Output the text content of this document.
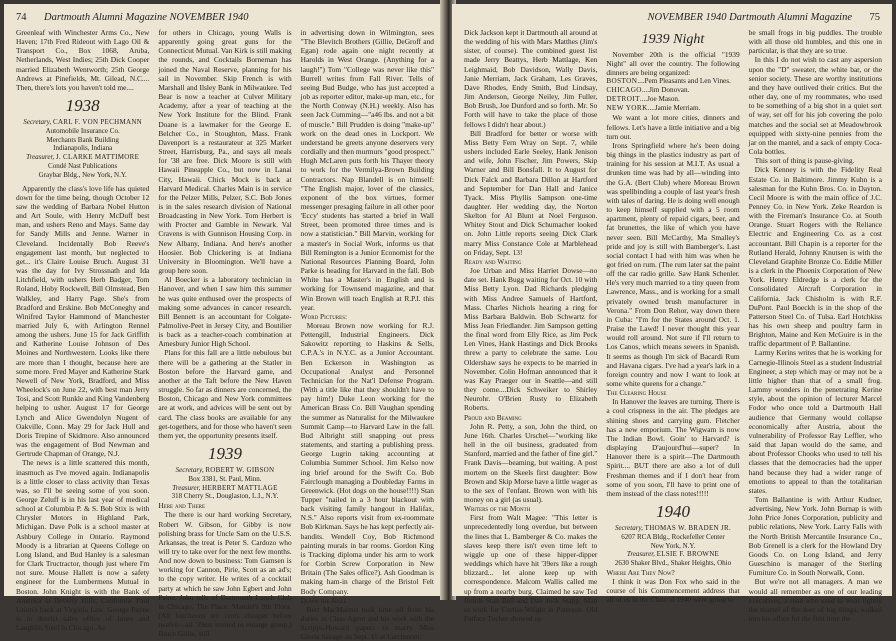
74 Dartmouth Alumni Magazine NOVEMBER 1940

Greenleaf with Winchester Arms Co., New Haven; 17th Fred Rideout with Lago Oil & Transport Co., Box 1068, Aruba, Netherlands, West Indies; 25th Dick Cooper married Elizabeth Wentworth; 25th George Andrews at Pinefields, Mt. Gilead, N.C.... Then, there's lots you haven't told me....

1938
Secretary, CARL F. VON PECHMANN
Automobile Insurance Co.
Merchants Bank Building
Indianapolis, Indiana
Treasurer, J. CLARKE MATTIMORE
Condé Nast Publications
Graybar Bldg., New York, N.Y.

Apparently the class's love life has quieted down for the time being, though October 12 saw the wedding of Barbara Nobel Hutton and Art Soule, with Henry McDuff best man, and ushers Reno and Mays. Same day for Sandy Mills and Jenne. Warner in Cleveland. Incidentally Bob Reeve's engagement last month, but neglected to get... it's Claire Louise Bruch. August 31 was the day for Ivy Strossnath and Ida Litchfield, with ushers Herb Badger, Tom Roland, Hoby Rockwell, Bill Olmstead, Ben Walkley, and Harry Page. She's from Bradford and Erskine. Bob McConeghy and Winifred Taylor Hammond of Manchester married July 6, with Arlington Rennel among the ushers. June 15 for Jack Griffith and Katherine Louise Johnson of Des Moines and Northwestern. Looks like there are more than I thought, because here are some more. Fred Mayer and Katherine Stark Newell of New York, Bradford, and Miss Wheelock's on June 22, with best man Jerry Tosi, and Scott Runkle and King Vandenberg helping to usher. August 17 for George Lynch and Alice Gwendolyn Nugent of Oakville, Conn. May 29 for Jack Hull and Doris Trepine of Skidmore. Also announced was the engagement of Bud Newman and Gertrude Chapman of Orange, N.J.

The news is a little scattered this month, inasmuch as I've moved again. Indianapolis is a little closer to class activity than Texas was, so I'll be seeing some of you soon. George Zeluff is in his last year of medical school at Columbia P. & S. Bob Stix is with Chrysler Motors in Highland Park, Michigan. Dave Polk is a school master at Ashbury College in Ontario. Raymond Moody is a librarian at Queens College on Long Island, and Bud Hanley is a salesman for Clark Tructractor, though just where I'm not sure. Mouse Hallett is now a safety engineer for the Lumbermens Mutual in Boston. John Knight is with the Bank of America in Beverly Hills, California. Paul Urion's back at Virginia Law. George Payne is in district sales office of Jones and Laughlin Steel in Chicago. As

for others in Chicago, young Walls is apparently going great guns for the Connecticut Mutual. Van Kirk is still making the rounds, and Cocktails Borneman has joined the Naval Reserve, planning for his sail in November. Skip French is with Marshall and Ilsley Bank in Milwaukee. Ted Bear is now a teacher at Culver Military Academy, after a year of teaching at the New York Institute for the Blind. Frank Doane is a lawmaker for the George E. Belcher Co., in Stoughton, Mass. Frank Davenport is a restaurateur at 325 Market Street, Harrisburg, Pa., and says all meals for '38 are free. Dick Moore is still with Hawaii Pineapple Co., but now in Lanai City, Hawaii. Chick Mock is back at Harvard Medical. Charles Main is in service for the Pelzer Mills, Pelzer, S.C. Bob Jones is in the sales research division of National Broadcasting in New York. Tom Herbert is with Procter and Gamble in Newark. Val Cravens is with Gunnison Housing Corp. in New Albany, Indiana. And here's another Hoosier. Bob Chickering is at Indiana University in Bloomington. We'll have a group here soon.

Al Boecker is a laboratory technician in Hanover, and when I saw him this summer he was quite enthused over the prospects of making some advances in cancer research. Bill Bennett is an accountant for Colgate-Palmolive-Peet in Jersey City, and Boutilier is back as a teacher-coach combination at Amesbury Junior High School.

Plans for this fall are a little nebulous but there will be a gathering at the Statler in Boston before the Harvard game, and another at the Taft before the New Haven struggle. So far as dinners are concerned, the Boston, Chicago and New York committees are at work, and advices will be sent out by card. The class books are available for any get-togethers, and for those who haven't seen them yet, the opportunity presents itself.

1939
Secretary, ROBERT W. GIBSON
Box 3381, St. Paul, Minn.
Treasurer, HERBERT MATTLAGE
318 Cherry St., Douglaston, L.I., N.Y.

Here and There

The there is our hard working Secretary, Robert W. Gibson, for Gibby is now polishing brass for Uncle Sam on the U.S.S. Arkansas, the treat is Peter S. Cardozo who will try to take over for the next few months. And now down to business: Tom Gamsen is working for Cannon, Pirie, Scott as an ad's; to the copy writer. He writes of a cocktail party at which he saw John Egbert and John Paine. John tells of Dartmouth Lunch Club in Chicago, The Place: Mandel's 9th Floor. (All luncheons ten cents cheaper before twelve—all '39ers invited to enlarge group.) Bruce Gillie, still

in advertising down in Wilmington, sees "The Blevitch Brothers (Gillie, DeGroff and Egan) rode again one night recently at Harolds in West Orange. (Anything for a laugh!") Tom "College was never like this" Burrell writes from Fall River. Tells of seeing Bud Budge, who has just accepted a job as reporter editor, make-up man, etc., for the North Conway (N.H.) weekly. Also has seen Jack Cumming—"a46 lbs. and not a bit of muscle." Bill Prudden is doing "make-up" work on the dead ones in Lockport. We understand he greets anyone deservers very cordially and then murmurs "good prospect." Hugh McLaren puts forth his Thayer theory to work for the Vermilya-Brown Building Contractors. Nap Blandell is on himself: "The English major, lover of the classics, exponent of the box virtues, former messenger presaging failure in all other poor 'Eccy' students has started a brief in Wall Street, been promoted three times and is now a statistician." Bill Marvin, working for a master's in Social Work, informs us that Bill Remington is a Junior Economist for the National Resources Planning Board, John Parke is heading for Harvard in the fall. Bob White has a Master's in English and is working for Townsend magazine, and that Win Brown will teach English at R.P.I. this year.

Word Pictures:

Moreau Brown now working for R.J. Pettengill, Industrial Engineers. Dick Sakowitz reporting to Haskins & Sells, C.P.A.'s in N.Y.C. as a Junior Accountant. Ben Eckerson in Washington as Occupational Analyst and Personnel Technician for the Nat'l Defense Program. (With a title like that they shouldn't have to pay him!) Duke Leon working for the American Brass Co. Bill Vaughan spending the summer as Naturalist for the Milwaukee Summit Camp—to Harvard Law in the fall. Bud Albright still snapping out press statements, and starting a publishing press. George Lugrin taking accounting at Columbia Summer School. Jim Kelso now ing brief around for the Swift Co. Bob Fairclough managing a Doubleday Farms in Greenwick. (Hot dogs on the house!!!!) Stan Tupper "nailed in a 3 hour blackout with back visiting family hangout in Halifax, N.S." Also reports visit from ex-roommate Bob Kirkman. Says he has kept perfectly air-bandits. Wendell Coy, Bob Richmond painting murals in bar rooms. Gordon King is Tracking diploma under his arm to work for Corbin Screw Corporation in New Britain (The Sales office?). Ash Goodman is making ham-in charge of the Bristol Felt Body Company.

Down the Aisle

Bert MacMannis took time off from his duties as Class Agent and his work with the Scripps-Howard papers to marry Miss Gloria Savage on Sept. 15 at Larchmont.

NOVEMBER 1940 Dartmouth Alumni Magazine 75

Dick Jackson kept it Dartmouth all around at the wedding of his with Mars Matthes (Jim's sister, of course). The combined guest list made Jerry Beattys, Herb Mattlage, Ken Leighmaid, Bob Davidson, Wally Davis, Janie Merriam, Jack Graham, Les Graves, Dave Rhodes, Endy Smith, Bud Lindsay, Jim Anderson, George Neiley, Jim Fuller, Bob Brush, Joe Dunford and so forth. Mr. So Forth will have to take the place of those fellows I didn't hear about.)

Bill Bradford for better or worse with Miss Betty Fern Wray on Sept. 7, while ushers included Earle Seeley, Hank Jenison and wife, John Fischer, Jim Powers, Skip Warner and Bill Bonsfall. It to August for Dick Falck and Barbara Dillon at Hartford and September for Dan Hall and Janice Tyack. Miss Phyllis Sampson one-time daughter. Her wedding day, the Norton Skelton for Al Blunt at Noel Ferguson. Whitey Stout and Dick Schumacher looked on. John Little reports seeing Dick Clark marry Miss Constance Cole at Marblehead on Friday, Sept. 13!

Ready and Waiting

Joe Urban and Miss Harriet Dowse—no date set. Hank Bugg waiting for Oct. 10 with Miss Betty Lyon. Dad Richards pledging with Miss Andree Samuels of Hartford, Mass. Charles Nichols hearing a ring for Miss Barbara Baldwin. Bob Schwartz for Miss Jean Friedlander. Jim Sampson getting the final word from Elly Rice, as Jim Peck Len Vines, Hank Hastings and Dick Brooks threw a party to celebrate the same. Lou Oldershaw says he expects to be married in November. Colin Hofman announced that it was Kay Praeger our in Seattle—and still they come....Dick Schweiker to Shirley Neurohr. O'Brien Rusty to Elizabeth Roberts.

Proud and Beaming

John R. Petty, a son, John the third, on June 16th. Charles Urschel—"working like hell in the oil business, graduated from Stanford, married and the father of fine girl." Frank Davis—beaming, but waiting. A post mortem on the Skeels first daughter: Bow Brown and Skip Morse have a little wager as to the sex of l'enfant. Brown won with his money on a girl (as usual).

Writers of the Month

First from Walt Magee: "This letter is unprecedentedly long overdue, but between the lines that L. Bamberger & Co. makes the slaves keep there isn't even time left to wiggle up one of these hipper-dipper weddings which have hit '39ers like a rough blizzard... let alone keep up with correspondence. Malcom Wallis called me up from a nearby burg. Claimed he saw Ted Bonds Stan Bell and Dan Jock Stapp. Man to work for Curtiss-Wright in Paterson. Old Fatface Tucker showed up

1939 Night

November 20th is the official "1939 Night" all over the country. The following dinners are being organized:

BOSTON....Pem Pleasants and Len Vines.

CHICAGO....Jim Donovan.

DETROIT....Joe Mason.

NEW YORK....Jamie Merriam.

We want a lot more cities, dinners and fellows. Let's have a little initiative and a big turn out.

Irons Springfield where he's been doing big things in the plastics industry as part of training for his session at M.I.T. As usual a drunken time was had by all—winding into the G.A. (Bert Club) where Moreau Brown was spellbinding a couple of last year's fresh with tales of daring. He is doing well enough to keep himself supplied with a 5 room apartment, plenty of repaid cigars, beer, and fat brunettes, the like of which you have never seen. Bill McCarthy, Ma Smalley's pride and joy is still with Bamberger's. Last social contact I had with him was when he got fried on rum. (The rum later sat the paint off the car radio grille. Saw Hank Schenler. He's very much married to a tiny queen from Lawrence, Mass., and is working for a small privately owned brush manufacturer in Verona." From Don Rehor, way down there in Cuba: "I'm for the States around Oct. 1. Praise the Lawd! I never thought this year would roll around. Not sure if I'll return to Los Canos, which means sewers in Spanish. It seems as though I'm sick of Bacardi Rum and Havana cigars. I've had a year's lark in a foreign country and now I want to look at some white queens for a change."

The Clearing House

In Hanover the leaves are turning. There is a cool crispness in the air. The pledges are shining shoes and carrying gum. Fletcher has a new emporium. The Wigwam is now The Indian Bowl. Goin' to Harvard? is displaying D'aujourd'hui—super? In Hanover there is a spirit—The Dartmouth Spirit.... BUT there are also a lot of dull Freshman themes and if I don't hear from some of you soon, I'll have to print one of them instead of the class notes!!!!!

1940
Secretary, THOMAS W. BRADEN JR.
6207 RCA Bldg., Rockefeller Center
New York, N.Y.
Treasurer, ELSIE F. BROWNE
2630 Shaker Blvd., Shaker Heights, Ohio

Where Are They Now?

I think it was Don Fox who said in the course of his Commencement address that all of us in the Class of 1940 were going to

be small frogs in big puddles. The trouble with all those old humbles, and this one in particular, is that they are so true.

In this I do not wish to cast any aspersion upon the "D" sweater, the white bar, or the senior society. These are worthy institutions and they have outlived their critics. But the other day, one of my roommates, who used to be something of a big shot in a quiet sort of way, set off for his job covering the polo matches and the social set at Meadowbrook equipped with sixty-nine pennies from the jar on the mantel, and a sack of empty Coca-Cola bottles.

This sort of thing is pause-giving.

Dick Kenney is with the Fidelity Real Estate Co. in Baltimore. Jimmy Kuhn is a salesman for the Kuhn Bros. Co. in Dayton. Cecil Moore is with the main office of J.C. Penney Co. in New York. Zeke Reardon is with the Fireman's Insurance Co. at South Orange. Stuart Rogers with the Reliance Electric and Engineering Co. as a cost accountant. Bill Chapin is a reporter for the Rutland Herald, Johnny Knutsen is with the Cleveland Graphite Bronze Co. Eddie Miller is a clerk in the Phoenix Corporation of New York. Henry Eldredge is a clerk for the Consolidated Aircraft Corporation in California. Jack Chisholm is with R.F. DuPont. Paul Boeckh is in the shop of the Patterson Steel Co. of Tulsa. Earl Hotchkiss has his own sheep and poultry farm in Brighton, Maine and Ken McGuire is in the traffic department of P. Ballantine.

Larmy Kerins writes that he is working for Carnegie-Illinois Steel as a student Industrial Engineer, a step which may or may not be a little higher than that of a small frog. Lammy wonders in the penetrating Kerine style, about the opinion of lecturer Marcel Fodor who once told a Dartmouth Hall audience that Germany would collapse economically after Austria, about the vulnerability of Professor Ray Leffler, who said that Japan would do the same, and about Professor Chooks who used to tell his classes that the democracies had the upper hand because they had a wider range of emotions to appeal to than the totalitarian states.

Tom Ballantine is with Arthur Kudner, advertising, New York. John Burnap is with John Price Jones Corporation, publicity and public relations, New York. Larry Falls with the North British Mercantile Insurance Co., Bob Grenell is a clerk for the Howland Dry Goods Co. on Long Island, and Jerry Gueschino is manager of the Sterling Furniture Co. in South Norwalk, Conn.

But we're not all managers. A man we would all remember as one of our leading executives, a man who used to wear lightly the mantel of the doer of big things, walked into his office for the first time the
